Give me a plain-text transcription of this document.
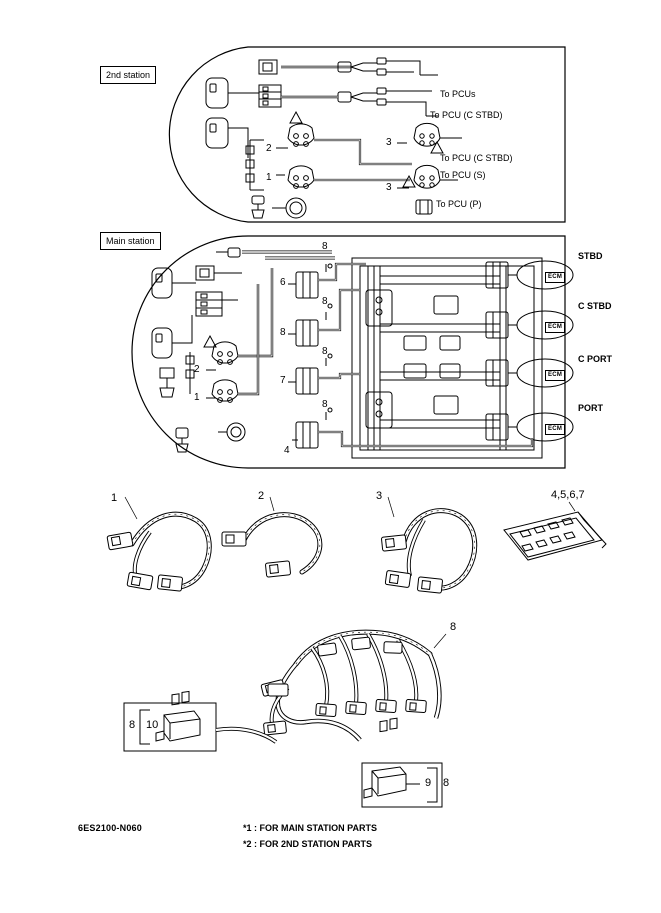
2nd station
Main station
To PCUs
To PCU (C STBD)
To PCU (C STBD)
To PCU (S)
To PCU (P)
STBD
C STBD
C PORT
PORT
ECM
ECM
ECM
ECM
1
2
3
3
2
1
6
8
7
4
8
8
8
8
1	2	3	4,5,6,7
8
8 10
9 8
6ES2100-N060	*1 : FOR MAIN STATION PARTS
*2 : FOR 2ND STATION PARTS
